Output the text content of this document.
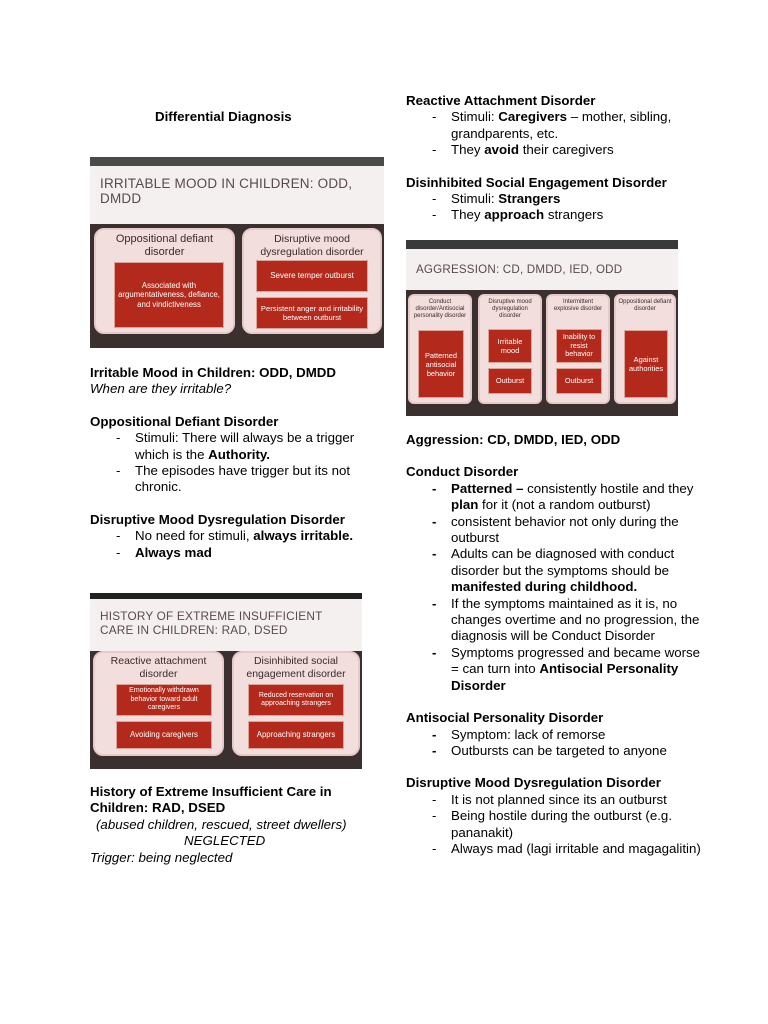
Differential Diagnosis
IRRITABLE MOOD IN CHILDREN: ODD, DMDD
Oppositional defiant disorder
Associated with argumentativeness, defiance, and vindictiveness
Disruptive mood dysregulation disorder
Severe temper outburst
Persistent anger and irritability between outburst
Irritable Mood in Children: ODD, DMDD
When are they irritable?
Oppositional Defiant Disorder
- Stimuli: There will always be a trigger which is the Authority.
- The episodes have trigger but its not chronic.
Disruptive Mood Dysregulation Disorder
- No need for stimuli, always irritable.
- Always mad
HISTORY OF EXTREME INSUFFICIENT CARE IN CHILDREN: RAD, DSED
Reactive attachment disorder
Emotionally withdrawn behavior toward adult caregivers
Avoiding caregivers
Disinhibited social engagement disorder
Reduced reservation on approaching strangers
Approaching strangers
History of Extreme Insufficient Care in Children: RAD, DSED
(abused children, rescued, street dwellers)
NEGLECTED
Trigger: being neglected
Reactive Attachment Disorder
- Stimuli: Caregivers – mother, sibling, grandparents, etc.
- They avoid their caregivers
Disinhibited Social Engagement Disorder
- Stimuli: Strangers
- They approach strangers
AGGRESSION: CD, DMDD, IED, ODD
Conduct disorder/Antisocial personality disorder
Patterned antisocial behavior
Disruptive mood dysregulation disorder
Irritable mood
Outburst
Intermittent explosive disorder
Inability to resist behavior
Outburst
Oppositional defiant disorder
Against authorities
Aggression: CD, DMDD, IED, ODD
Conduct Disorder
- Patterned – consistently hostile and they plan for it (not a random outburst)
- consistent behavior not only during the outburst
- Adults can be diagnosed with conduct disorder but the symptoms should be manifested during childhood.
- If the symptoms maintained as it is, no changes overtime and no progression, the diagnosis will be Conduct Disorder
- Symptoms progressed and became worse = can turn into Antisocial Personality Disorder
Antisocial Personality Disorder
- Symptom: lack of remorse
- Outbursts can be targeted to anyone
Disruptive Mood Dysregulation Disorder
- It is not planned since its an outburst
- Being hostile during the outburst (e.g. pananakit)
- Always mad (lagi irritable and magagalitin)
